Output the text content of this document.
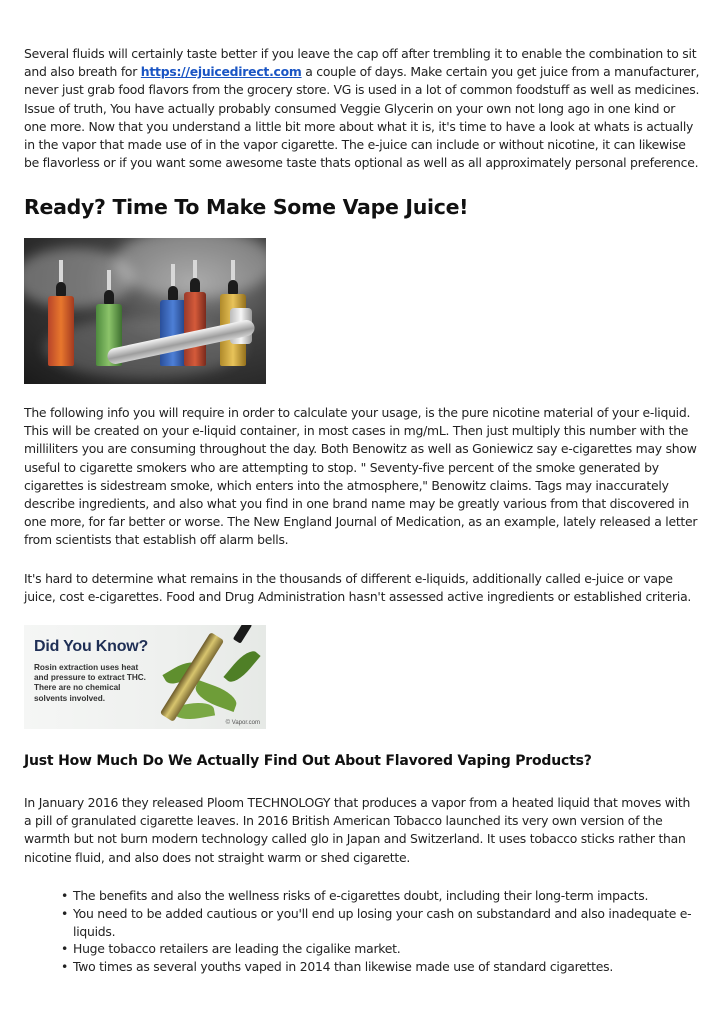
Several fluids will certainly taste better if you leave the cap off after trembling it to enable the combination to sit and also breath for https://ejuicedirect.com a couple of days. Make certain you get juice from a manufacturer, never just grab food flavors from the grocery store. VG is used in a lot of common foodstuff as well as medicines. Issue of truth, You have actually probably consumed Veggie Glycerin on your own not long ago in one kind or one more. Now that you understand a little bit more about what it is, it's time to have a look at whats is actually in the vapor that made use of in the vapor cigarette. The e-juice can include or without nicotine, it can likewise be flavorless or if you want some awesome taste thats optional as well as all approximately personal preference.

Ready? Time To Make Some Vape Juice!

The following info you will require in order to calculate your usage, is the pure nicotine material of your e-liquid. This will be created on your e-liquid container, in most cases in mg/mL. Then just multiply this number with the milliliters you are consuming throughout the day. Both Benowitz as well as Goniewicz say e-cigarettes may show useful to cigarette smokers who are attempting to stop. " Seventy-five percent of the smoke generated by cigarettes is sidestream smoke, which enters into the atmosphere," Benowitz claims. Tags may inaccurately describe ingredients, and also what you find in one brand name may be greatly various from that discovered in one more, for far better or worse. The New England Journal of Medication, as an example, lately released a letter from scientists that establish off alarm bells.

It's hard to determine what remains in the thousands of different e-liquids, additionally called e-juice or vape juice, cost e-cigarettes. Food and Drug Administration hasn't assessed active ingredients or established criteria.

Did You Know?

Rosin extraction uses heat and pressure to extract THC. There are no chemical solvents involved.

© Vapor.com
Just How Much Do We Actually Find Out About Flavored Vaping Products?

In January 2016 they released Ploom TECHNOLOGY that produces a vapor from a heated liquid that moves with a pill of granulated cigarette leaves. In 2016 British American Tobacco launched its very own version of the warmth but not burn modern technology called glo in Japan and Switzerland. It uses tobacco sticks rather than nicotine fluid, and also does not straight warm or shed cigarette.

• The benefits and also the wellness risks of e-cigarettes doubt, including their long-term impacts.
• You need to be added cautious or you'll end up losing your cash on substandard and also inadequate e-liquids.
• Huge tobacco retailers are leading the cigalike market.
• Two times as several youths vaped in 2014 than likewise made use of standard cigarettes.
